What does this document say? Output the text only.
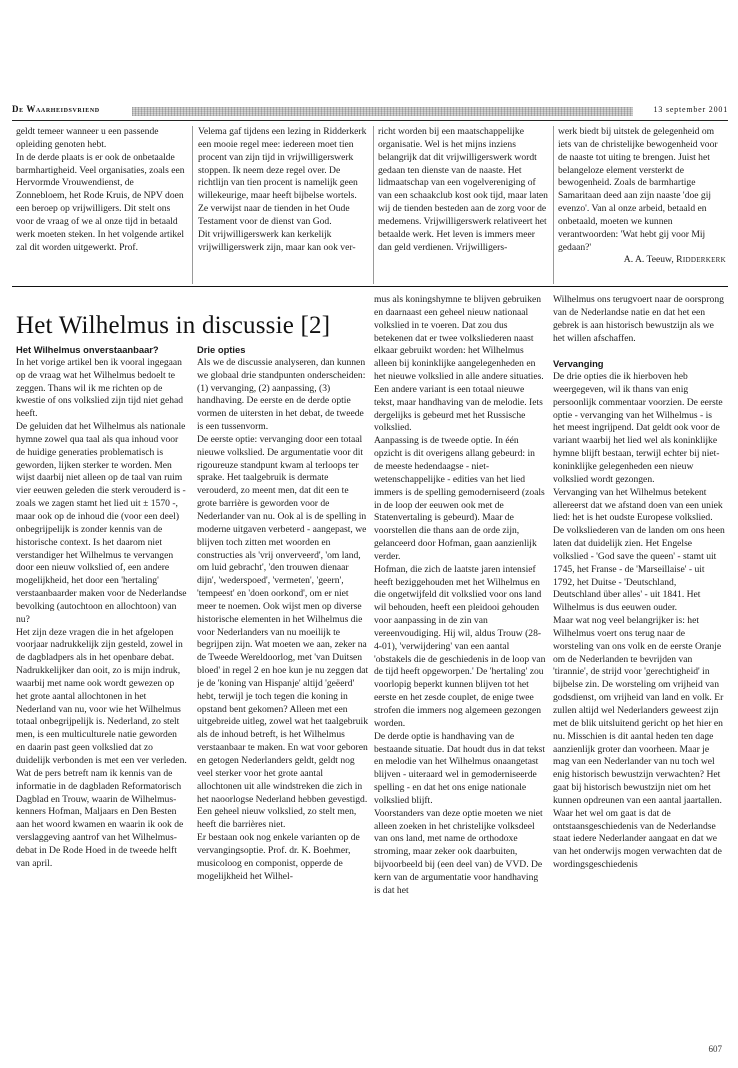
De Waarheidsvriend	13 september 2001

geldt temeer wanneer u een passende opleiding genoten hebt.

In de derde plaats is er ook de onbetaalde barmhartigheid. Veel organisaties, zoals een Hervormde Vrouwendienst, de Zonnebloem, het Rode Kruis, de NPV doen een beroep op vrijwilligers. Dit stelt ons voor de vraag of we al onze tijd in betaald werk moeten steken. In het volgende artikel zal dit worden uitgewerkt. Prof.

Velema gaf tijdens een lezing in Ridderkerk een mooie regel mee: iedereen moet tien procent van zijn tijd in vrijwilligerswerk stoppen. Ik neem deze regel over. De richtlijn van tien procent is namelijk geen willekeurige, maar heeft bijbelse wortels. Ze verwijst naar de tienden in het Oude Testament voor de dienst van God.

Dit vrijwilligerswerk kan kerkelijk vrijwilligerswerk zijn, maar kan ook ver-

richt worden bij een maatschappelijke organisatie. Wel is het mijns inziens belangrijk dat dit vrijwilligerswerk wordt gedaan ten dienste van de naaste. Het lidmaatschap van een vogelvereniging of van een schaakclub kost ook tijd, maar laten wij de tienden besteden aan de zorg voor de medemens. Vrijwilligerswerk relativeert het betaalde werk. Het leven is immers meer dan geld verdienen. Vrijwilligers-

werk biedt bij uitstek de gelegenheid om iets van de christelijke bewogenheid voor de naaste tot uiting te brengen. Juist het belangeloze element versterkt de bewogenheid. Zoals de barmhartige Samaritaan deed aan zijn naaste 'doe gij evenzo'. Van al onze arbeid, betaald en onbetaald, moeten we kunnen verantwoorden: 'Wat hebt gij voor Mij gedaan?'

A. A. Teeuw, Ridderkerk

Het Wilhelmus in discussie [2]

Het Wilhelmus onverstaanbaar?

In het vorige artikel ben ik vooral ingegaan op de vraag wat het Wilhelmus bedoelt te zeggen. Thans wil ik me richten op de kwestie of ons volkslied zijn tijd niet gehad heeft.

De geluiden dat het Wilhelmus als nationale hymne zowel qua taal als qua inhoud voor de huidige generaties problematisch is geworden, lijken sterker te worden. Men wijst daarbij niet alleen op de taal van ruim vier eeuwen geleden die sterk verouderd is - zoals we zagen stamt het lied uit ± 1570 -, maar ook op de inhoud die (voor een deel) onbegrijpelijk is zonder kennis van de historische context. Is het daarom niet verstandiger het Wilhelmus te vervangen door een nieuw volkslied of, een andere mogelijkheid, het door een 'hertaling' verstaanbaarder maken voor de Nederlandse bevolking (autochtoon en allochtoon) van nu?

Het zijn deze vragen die in het afgelopen voorjaar nadrukkelijk zijn gesteld, zowel in de dagbladpers als in het openbare debat. Nadrukkelijker dan ooit, zo is mijn indruk, waarbij met name ook wordt gewezen op het grote aantal allochtonen in het Nederland van nu, voor wie het Wilhelmus totaal onbegrijpelijk is. Nederland, zo stelt men, is een multiculturele natie geworden en daarin past geen volkslied dat zo duidelijk verbonden is met een ver verleden. Wat de pers betreft nam ik kennis van de informatie in de dagbladen Reformatorisch Dagblad en Trouw, waarin de Wilhelmus-kenners Hofman, Maljaars en Den Besten aan het woord kwamen en waarin ik ook de verslaggeving aantrof van het Wilhelmus-debat in De Rode Hoed in de tweede helft van april.

Drie opties

Als we de discussie analyseren, dan kunnen we globaal drie standpunten onderscheiden: (1) vervanging, (2) aanpassing, (3) handhaving. De eerste en de derde optie vormen de uitersten in het debat, de tweede is een tussenvorm.

De eerste optie: vervanging door een totaal nieuwe volkslied. De argumentatie voor dit rigoureuze standpunt kwam al terloops ter sprake. Het taalgebruik is dermate verouderd, zo meent men, dat dit een te grote barrière is geworden voor de Nederlander van nu. Ook al is de spelling in moderne uitgaven verbeterd - aangepast, we blijven toch zitten met woorden en constructies als 'vrij onverveerd', 'om land, om luid gebracht', 'den trouwen dienaar dijn', 'wederspoed', 'vermeten', 'geern', 'tempeest' en 'doen oorkond', om er niet meer te noemen. Ook wijst men op diverse historische elementen in het Wilhelmus die voor Nederlanders van nu moeilijk te begrijpen zijn. Wat moeten we aan, zeker na de Tweede Wereldoorlog, met 'van Duitsen bloed' in regel 2 en hoe kun je nu zeggen dat je de 'koning van Hispanje' altijd 'geëerd' hebt, terwijl je toch tegen die koning in opstand bent gekomen? Alleen met een uitgebreide uitleg, zowel wat het taalgebruik als de inhoud betreft, is het Wilhelmus verstaanbaar te maken. En wat voor geboren en getogen Nederlanders geldt, geldt nog veel sterker voor het grote aantal allochtonen uit alle windstreken die zich in het naoorlogse Nederland hebben gevestigd. Een geheel nieuw volkslied, zo stelt men, heeft die barrières niet.

Er bestaan ook nog enkele varianten op de vervangingsoptie. Prof. dr. K. Boehmer, musicoloog en componist, opperde de mogelijkheid het Wilhel-

mus als koningshymne te blijven gebruiken en daarnaast een geheel nieuw nationaal volkslied in te voeren. Dat zou dus betekenen dat er twee volksliederen naast elkaar gebruikt worden: het Wilhelmus alleen bij koninklijke aangelegenheden en het nieuwe volkslied in alle andere situaties. Een andere variant is een totaal nieuwe tekst, maar handhaving van de melodie. Iets dergelijks is gebeurd met het Russische volkslied.

Aanpassing is de tweede optie. In één opzicht is dit overigens allang gebeurd: in de meeste hedendaagse - niet-wetenschappelijke - edities van het lied immers is de spelling gemoderniseerd (zoals in de loop der eeuwen ook met de Statenvertaling is gebeurd). Maar de voorstellen die thans aan de orde zijn, gelanceerd door Hofman, gaan aanzienlijk verder.

Hofman, die zich de laatste jaren intensief heeft beziggehouden met het Wilhelmus en die ongetwijfeld dit volkslied voor ons land wil behouden, heeft een pleidooi gehouden voor aanpassing in de zin van vereenvoudiging. Hij wil, aldus Trouw (28-4-01), 'verwijdering' van een aantal 'obstakels die de geschiedenis in de loop van de tijd heeft opgeworpen.' De 'hertaling' zou voorlopig beperkt kunnen blijven tot het eerste en het zesde couplet, de enige twee strofen die immers nog algemeen gezongen worden.

De derde optie is handhaving van de bestaande situatie. Dat houdt dus in dat tekst en melodie van het Wilhelmus onaangetast blijven - uiteraard wel in gemoderniseerde spelling - en dat het ons enige nationale volkslied blijft.

Voorstanders van deze optie moeten we niet alleen zoeken in het christelijke volksdeel van ons land, met name de orthodoxe stroming, maar zeker ook daarbuiten, bijvoorbeeld bij (een deel van) de VVD. De kern van de argumentatie voor handhaving is dat het

Wilhelmus ons terugvoert naar de oorsprong van de Nederlandse natie en dat het een gebrek is aan historisch bewustzijn als we het willen afschaffen.

Vervanging

De drie opties die ik hierboven heb weergegeven, wil ik thans van enig persoonlijk commentaar voorzien. De eerste optie - vervanging van het Wilhelmus - is het meest ingrijpend. Dat geldt ook voor de variant waarbij het lied wel als koninklijke hymne blijft bestaan, terwijl echter bij niet-koninklijke gelegenheden een nieuw volkslied wordt gezongen.

Vervanging van het Wilhelmus betekent allereerst dat we afstand doen van een uniek lied: het is het oudste Europese volkslied. De volksliederen van de landen om ons heen laten dat duidelijk zien. Het Engelse volkslied - 'God save the queen' - stamt uit 1745, het Franse - de 'Marseillaise' - uit 1792, het Duitse - 'Deutschland, Deutschland über alles' - uit 1841. Het Wilhelmus is dus eeuwen ouder.

Maar wat nog veel belangrijker is: het Wilhelmus voert ons terug naar de worsteling van ons volk en de eerste Oranje om de Nederlanden te bevrijden van 'tirannie', de strijd voor 'gerechtigheid' in bijbelse zin. De worsteling om vrijheid van godsdienst, om vrijheid van land en volk. Er zullen altijd wel Nederlanders geweest zijn met de blik uitsluitend gericht op het hier en nu. Misschien is dit aantal heden ten dage aanzienlijk groter dan voorheen. Maar je mag van een Nederlander van nu toch wel enig historisch bewustzijn verwachten? Het gaat bij historisch bewustzijn niet om het kunnen opdreunen van een aantal jaartallen. Waar het wel om gaat is dat de ontstaansgeschiedenis van de Nederlandse staat iedere Nederlander aangaat en dat we van het onderwijs mogen verwachten dat de wordingsgeschiedenis

607
